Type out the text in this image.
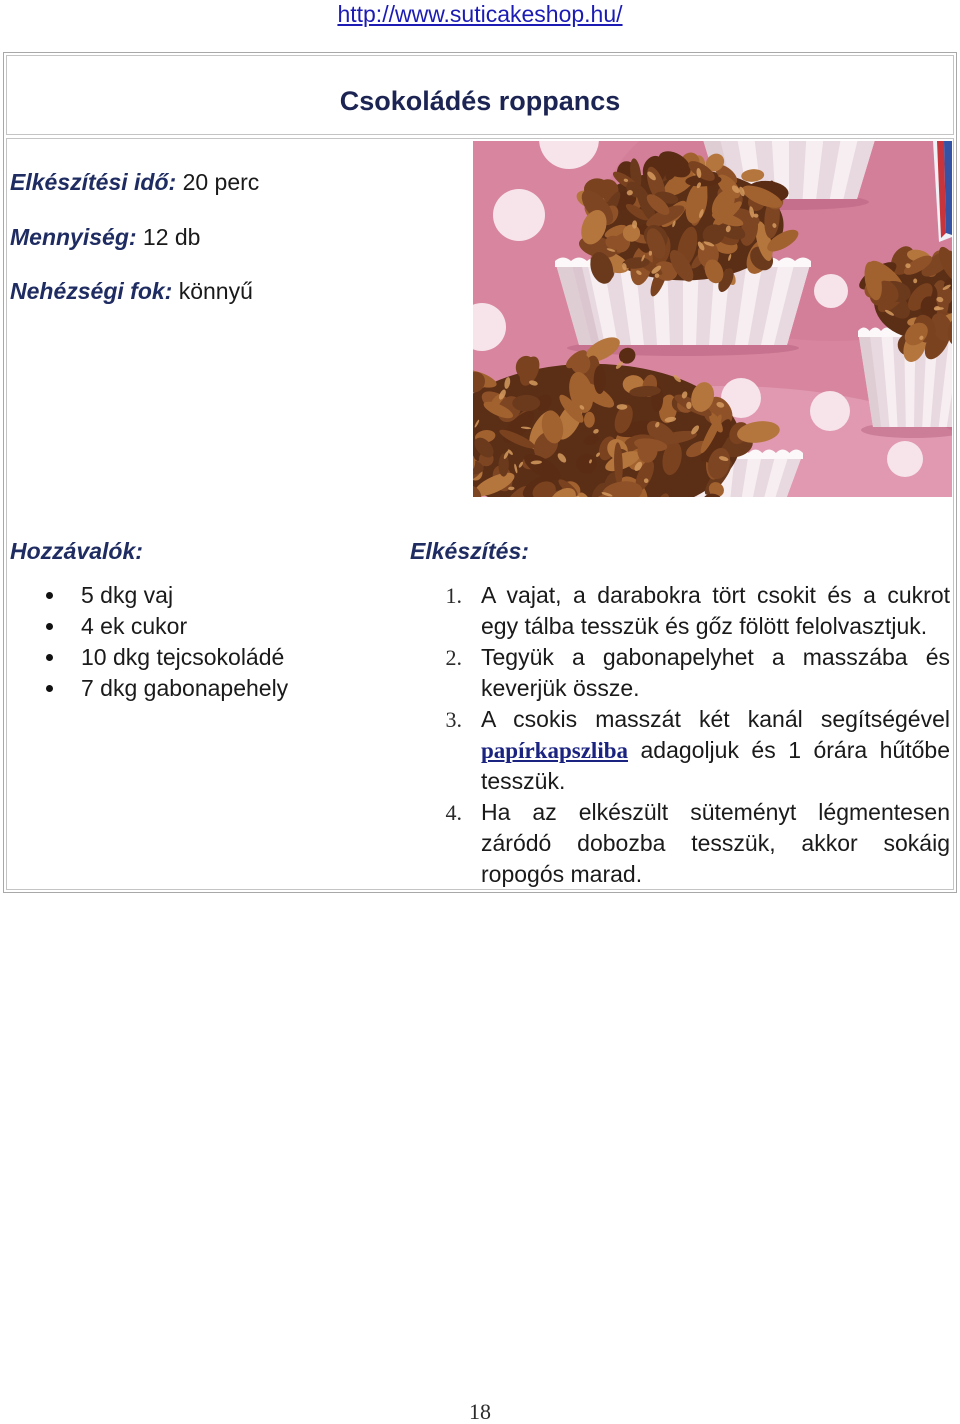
http://www.suticakeshop.hu/
Csokoládés roppancs
Elkészítési idő: 20 perc
Mennyiség: 12 db
Nehézségi fok: könnyű
Hozzávalók:
5 dkg vaj
4 ek cukor
10 dkg tejcsokoládé
7 dkg gabonapehely
Elkészítés:
1. A vajat, a darabokra tört csokit és a cukrot egy tálba tesszük és gőz fölött felolvasztjuk.
2. Tegyük a gabonapelyhet a masszába és keverjük össze.
3. A csokis masszát két kanál segítségével papírkapszliba adagoljuk és 1 órára hűtőbe tesszük.
4. Ha az elkészült süteményt légmentesen záródó dobozba tesszük, akkor sokáig ropogós marad.
18
